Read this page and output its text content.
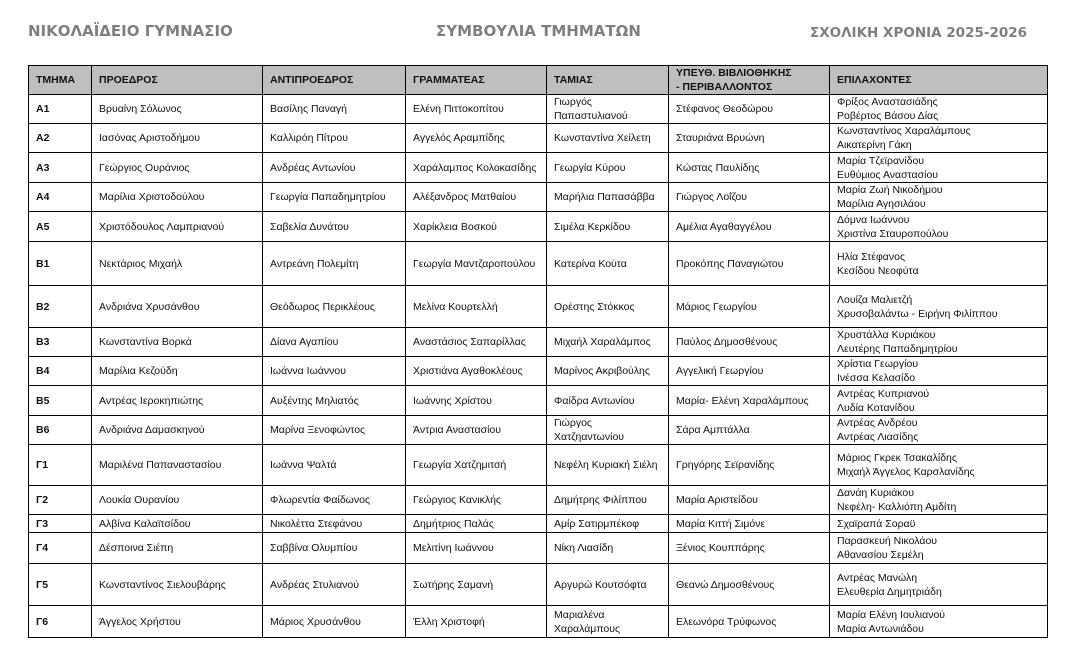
ΝΙΚΟΛΑΪΔΕΙΟ ΓΥΜΝΑΣΙΟ	ΣΥΜΒΟΥΛΙΑ ΤΜΗΜΑΤΩΝ	ΣΧΟΛΙΚΗ ΧΡΟΝΙΑ 2025-2026
ΤΜΗΜΑ	ΠΡΟΕΔΡΟΣ	ΑΝΤΙΠΡΟΕΔΡΟΣ	ΓΡΑΜΜΑΤΕΑΣ	ΤΑΜΙΑΣ	ΥΠΕΥΘ. ΒΙΒΛΙΟΘΗΚΗΣ
- ΠΕΡΙΒΑΛΛΟΝΤΟΣ	ΕΠΙΛΑΧΟΝΤΕΣ
Α1	Βρυαίνη Σόλωνος	Βασίλης Παναγή	Ελένη Πιττοκοπίτου	Γιωργός
Παπαστυλιανού	Στέφανος Θεοδώρου	Φρίξος Αναστασιάδης
Ροβέρτος Βάσου Δίας

Α2	Ιασόνας Αριστοδήμου	Καλλιρόη Πίτρου	Αγγελός Αραμπίδης	Κωνσταντίνα Χείλετη	Σταυριάνα Βρυώνη	Κωνσταντίνος Χαραλάμπους
Αικατερίνη Γάκη

Α3	Γεώργιος Ουράνιος	Ανδρέας Αντωνίου	Χαράλαμπος Κολοκασίδης	Γεωργία Κύρου	Κώστας Παυλίδης	Μαρία Τζεϊρανίδου
Ευθύμιος Αναστασίου

Α4	Μαρίλια Χριστοδούλου	Γεωργία Παπαδημητρίου	Αλέξανδρος Ματθαίου	Μαρήλια Παπασάββα	Γιώργος Λοΐζου	Μαρία Ζωή Νικοδήμου
Μαρίλια Αγησιλάου

Α5	Χριστόδουλος Λαμπριανού	Σαβελία Δυνάτου	Χαρίκλεια Βοσκού	Σιμέλα Κερκίδου	Αμέλια Αγαθαγγέλου	Δόμνα Ιωάννου
Χριστίνα Σταυροπούλου

Β1	Νεκτάριος Μιχαήλ	Αντρεάνη Πολεμίτη	Γεωργία Μαντζαροπούλου	Κατερίνα Κούτα	Προκόπης Παναγιώτου	Ηλία Στέφανος
Κεσίδου Νεοφύτα

Β2	Ανδριάνα Χρυσάνθου	Θεόδωρος Περικλέους	Μελίνα Κουρτελλή	Ορέστης Στόκκος	Μάριος Γεωργίου	Λουίζα Μαλιετζή
Χρυσοβαλάντω - Ειρήνη Φιλίππου

Β3	Κωνσταντίνα Βορκά	Δίανα Αγαπίου	Αναστάσιος Σαπαρίλλας	Μιχαήλ Χαραλάμπος	Παύλος Δημοσθένους	Χρυστάλλα Κυριάκου
Λευτέρης Παπαδημητρίου

Β4	Μαρίλια Κεζούδη	Ιωάννα Ιωάννου	Χριστιάνα Αγαθοκλέους	Μαρίνος Ακριβούλης	Αγγελική Γεωργίου	Χρίστια Γεωργίου
Ινέσσα Κελασίδο

Β5	Αντρέας Ιεροκηπιώτης	Αυξέντης Μηλιατός	Ιωάννης Χρίστου	Φαίδρα Αντωνίου	Μαρία- Ελένη Χαραλάμπους	Αντρέας Κυπριανού
Λυδία Κοτανίδου

Β6	Ανδριάνα Δαμασκηνού	Μαρίνα Ξενοφώντος	Άντρια Αναστασίου	Γιώργος
Χατζηαντωνίου	Σάρα Αμπτάλλα	Αντρέας Ανδρέου
Αντρέας Λιασίδης

Γ1	Μαριλένα Παπαναστασίου	Ιωάννα Ψαλτά	Γεωργία Χατζημιτσή	Νεφέλη Κυριακή Σιέλη	Γρηγόρης Σεϊρανίδης	Μάριος Γκρεκ Τσακαλίδης
Μιχαήλ Άγγελος Καρσλανίδης

Γ2	Λουκία Ουρανίου	Φλωρεντία Φαίδωνος	Γεώργιος Κανικλής	Δημήτρης Φιλίππου	Μαρία Αριστείδου	Δανάη Κυριάκου
Νεφέλη- Καλλιόπη Αμδίτη

Γ3	Αλβίνα Καλαϊτσίδου	Νικολέττα Στεφάνου	Δημήτριος Παλάς	Αμίρ Σατιρμπέκοφ	Μαρία Κιττή Σιμόνε	Σχαϊραπά Σοραϋ

Γ4	Δέσποινα Σιέπη	Σαββίνα Ολυμπίου	Μελιτίνη Ιωάννου	Νίκη Λιασίδη	Ξένιος Κουππάρης	Παρασκευή Νικολάου
Αθανασίου Σεμέλη

Γ5	Κωνσταντίνος Σιελουβάρης	Ανδρέας Στυλιανού	Σωτήρης Σαμανή	Αργυρώ Κουτσόφτα	Θεανώ Δημοσθένους	Αντρέας Μανώλη
Ελευθερία Δημητριάδη

Γ6	Άγγελος Χρήστου	Μάριος Χρυσάνθου	Έλλη Χριστοφή	Μαριαλένα
Χαραλάμπους	Ελεωνόρα Τρύφωνος	Μαρία Ελένη Ιουλιανού
Μαρία Αντωνιάδου
